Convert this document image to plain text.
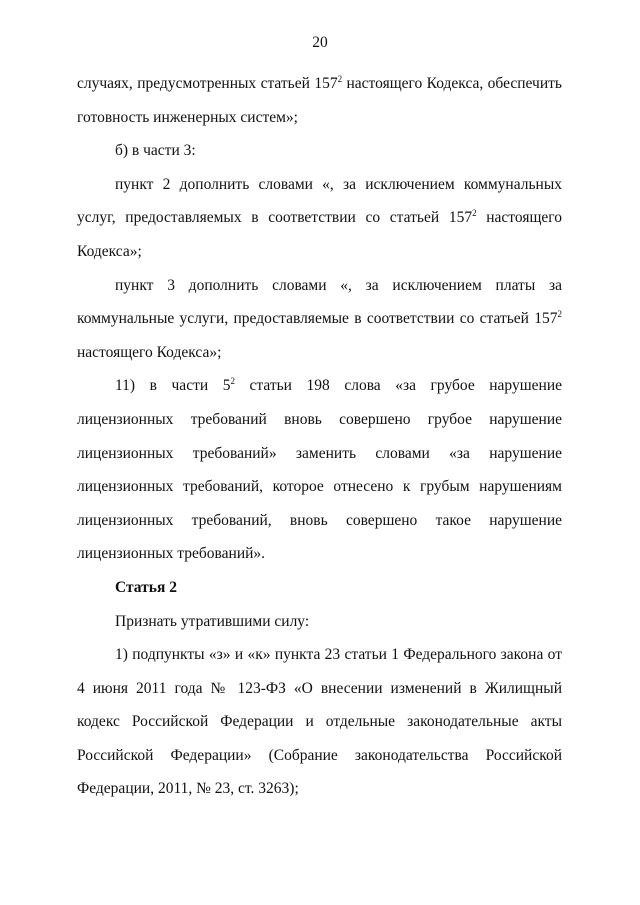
20

случаях, предусмотренных статьей $157^2$ настоящего Кодекса, обеспечить готовность инженерных систем»;

б) в части 3:

пункт 2 дополнить словами «, за исключением коммунальных услуг, предоставляемых в соответствии со статьей $157^2$ настоящего Кодекса»;

пункт 3 дополнить словами «, за исключением платы за коммунальные услуги, предоставляемые в соответствии со статьей $157^2$ настоящего Кодекса»;

11) в части $5^2$ статьи 198 слова «за грубое нарушение лицензионных требований вновь совершено грубое нарушение лицензионных требований» заменить словами «за нарушение лицензионных требований, которое отнесено к грубым нарушениям лицензионных требований, вновь совершено такое нарушение лицензионных требований».

Статья 2

Признать утратившими силу:

1) подпункты «з» и «к» пункта 23 статьи 1 Федерального закона от 4 июня 2011 года № 123-ФЗ «О внесении изменений в Жилищный кодекс Российской Федерации и отдельные законодательные акты Российской Федерации» (Собрание законодательства Российской Федерации, 2011, № 23, ст. 3263);
